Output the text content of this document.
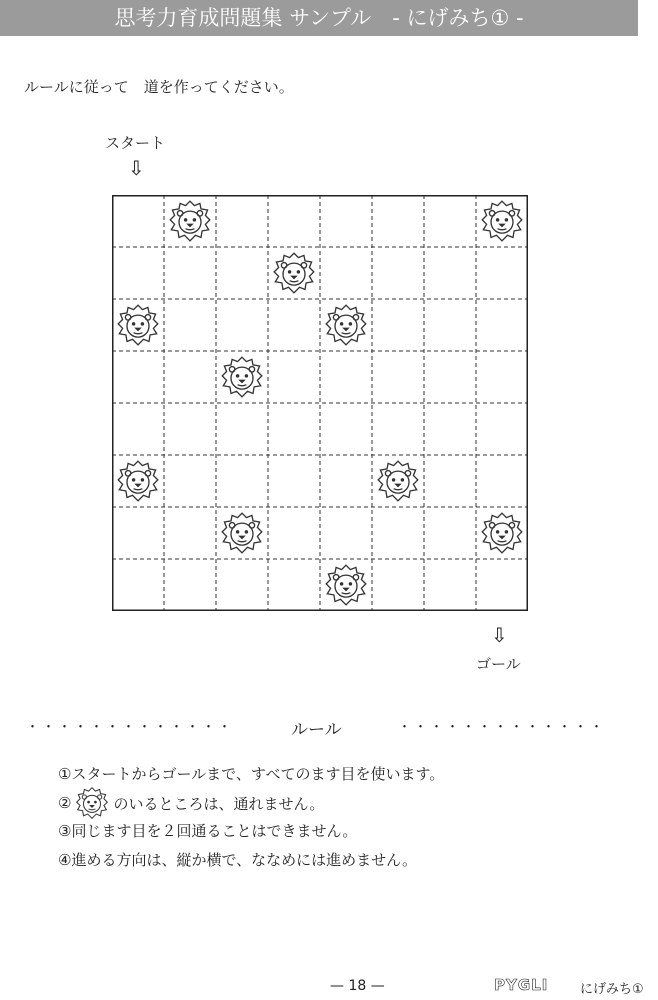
思考力育成問題集 サンプル　- にげみち① -
ルールに従って　道を作ってください。
スタート
⇩
⇩
ゴール
・・・・・・・・・・・・・	ルール	・・・・・・・・・・・・・
①スタートからゴールまで、すべてのます目を使います。
②	のいるところは、通れません。
③同じます目を２回通ることはできません。
④進める方向は、縦か横で、ななめには進めません。
— 18 —	PYGLI にげみち①
